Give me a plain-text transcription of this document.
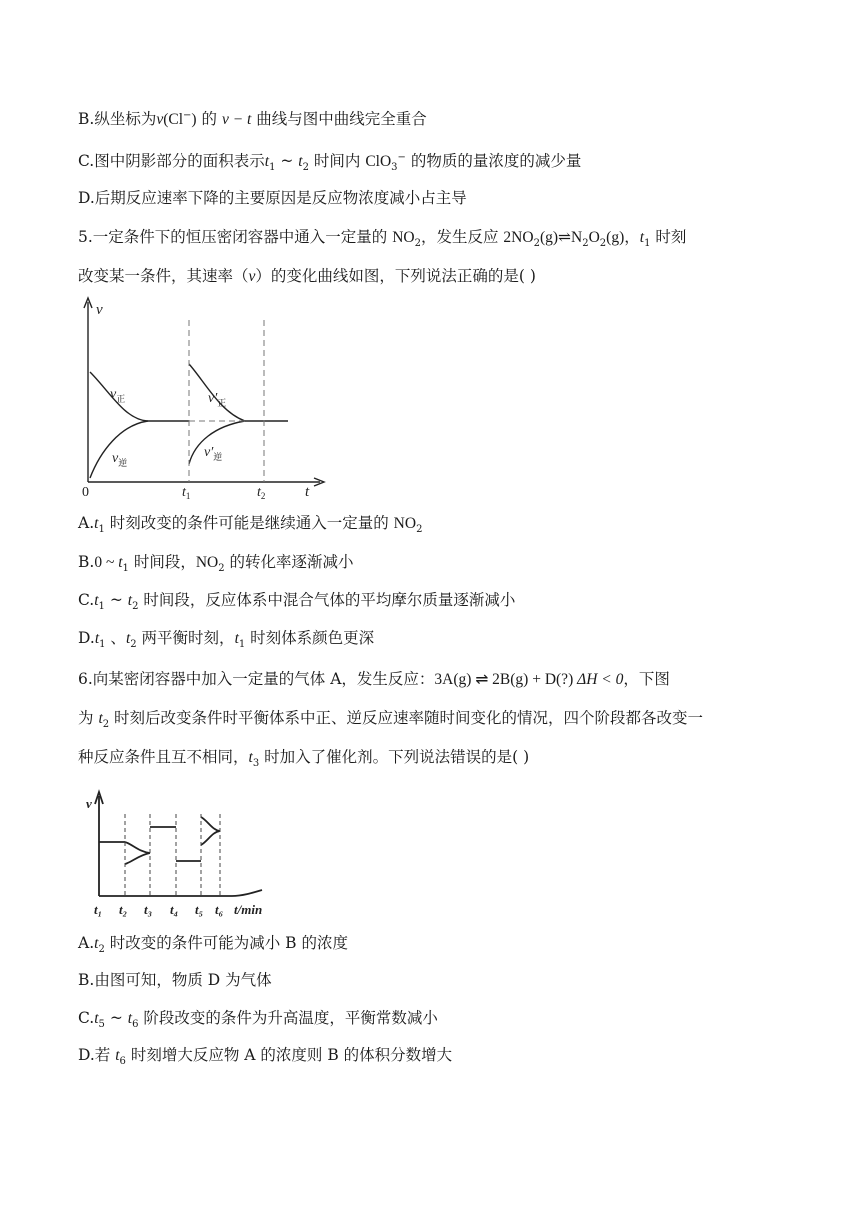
B.纵坐标为v(Cl−) 的 v − t 曲线与图中曲线完全重合
C.图中阴影部分的面积表示$t_1$ ~ $t_2$ 时间内 ClO$_3$− 的物质的量浓度的减少量
D.后期反应速率下降的主要原因是反应物浓度减小占主导
5.一定条件下的恒压密闭容器中通入一定量的 $NO_2$，发生反应 $2NO_2(g)\rightleftharpoons N_2O_2(g)$，$t_1$ 时刻
改变某一条件，其速率（v）的变化曲线如图，下列说法正确的是( )
v
t
0	$t_1$	$t_2$
$v_正$
$v_逆$
$v'_正$
$v'_逆$
$A.t_1$ 时刻改变的条件可能是继续通入一定量的 $NO_2$
B.0 ~ $t_1$ 时间段，$NO_2$ 的转化率逐渐减小
$C.t_1$ ~ $t_2$ 时间段，反应体系中混合气体的平均摩尔质量逐渐减小
$D.t_1$ 、$t_2$ 两平衡时刻，$t_1$ 时刻体系颜色更深
6.向某密闭容器中加入一定量的气体 A，发生反应：3A(g) ⇌ 2B(g) + D(?) ΔH < 0，下图
为 $t_2$ 时刻后改变条件时平衡体系中正、逆反应速率随时间变化的情况，四个阶段都各改变一
种反应条件且互不相同，$t_3$ 时加入了催化剂。下列说法错误的是( )
v
t₁ t₂ t₃ t₄ t₅ t₆ t/min
$A.t_2$ 时改变的条件可能为减小 B 的浓度
B.由图可知，物质 D 为气体
$C.t_5$ ~ $t_6$ 阶段改变的条件为升高温度，平衡常数减小
D.若 $t_6$ 时刻增大反应物 A 的浓度则 B 的体积分数增大
